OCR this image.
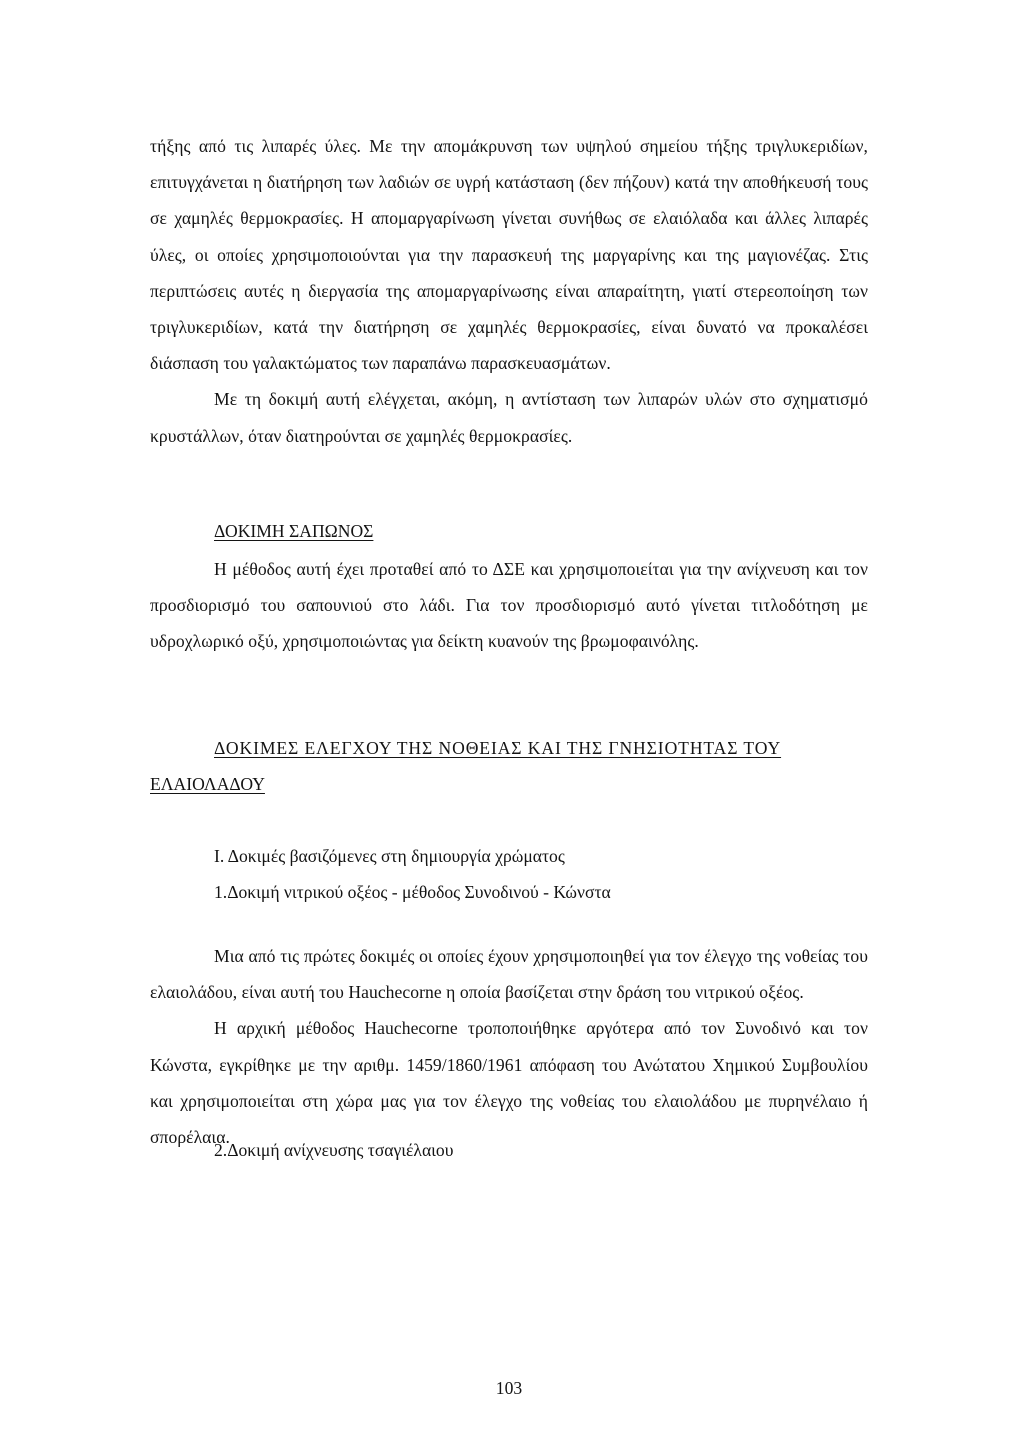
τήξης από τις λιπαρές ύλες. Με την απομάκρυνση των υψηλού σημείου τήξης τριγλυκεριδίων, επιτυγχάνεται η διατήρηση των λαδιών σε υγρή κατάσταση (δεν πήζουν) κατά την αποθήκευσή τους σε χαμηλές θερμοκρασίες. Η απομαργαρίνωση γίνεται συνήθως σε ελαιόλαδα και άλλες λιπαρές ύλες, οι οποίες χρησιμοποιούνται για την παρασκευή της μαργαρίνης και της μαγιονέζας. Στις περιπτώσεις αυτές η διεργασία της απομαργαρίνωσης είναι απαραίτητη, γιατί στερεοποίηση των τριγλυκεριδίων, κατά την διατήρηση σε χαμηλές θερμοκρασίες, είναι δυνατό να προκαλέσει διάσπαση του γαλακτώματος των παραπάνω παρασκευασμάτων.

Με τη δοκιμή αυτή ελέγχεται, ακόμη, η αντίσταση των λιπαρών υλών στο σχηματισμό κρυστάλλων, όταν διατηρούνται σε χαμηλές θερμοκρασίες.

ΔΟΚΙΜΗ ΣΑΠΩΝΟΣ

Η μέθοδος αυτή έχει προταθεί από το ΔΣΕ και χρησιμοποιείται για την ανίχνευση και τον προσδιορισμό του σαπουνιού στο λάδι. Για τον προσδιορισμό αυτό γίνεται τιτλοδότηση με υδροχλωρικό οξύ, χρησιμοποιώντας για δείκτη κυανούν της βρωμοφαινόλης.

ΔΟΚΙΜΕΣ ΕΛΕΓΧΟΥ ΤΗΣ ΝΟΘΕΙΑΣ ΚΑΙ ΤΗΣ ΓΝΗΣΙΟΤΗΤΑΣ ΤΟΥ

ΕΛΑΙΟΛΑΔΟΥ

Ι. Δοκιμές βασιζόμενες στη δημιουργία χρώματος

1.Δοκιμή νιτρικού οξέος - μέθοδος Συνοδινού - Κώνστα

Μια από τις πρώτες δοκιμές οι οποίες έχουν χρησιμοποιηθεί για τον έλεγχο της νοθείας του ελαιολάδου, είναι αυτή του Hauchecorne η οποία βασίζεται στην δράση του νιτρικού οξέος.

Η αρχική μέθοδος Hauchecorne τροποποιήθηκε αργότερα από τον Συνοδινό και τον Κώνστα, εγκρίθηκε με την αριθμ. 1459/1860/1961 απόφαση του Ανώτατου Χημικού Συμβουλίου και χρησιμοποιείται στη χώρα μας για τον έλεγχο της νοθείας του ελαιολάδου με πυρηνέλαιο ή σπορέλαια.

2.Δοκιμή ανίχνευσης τσαγιέλαιου

103
